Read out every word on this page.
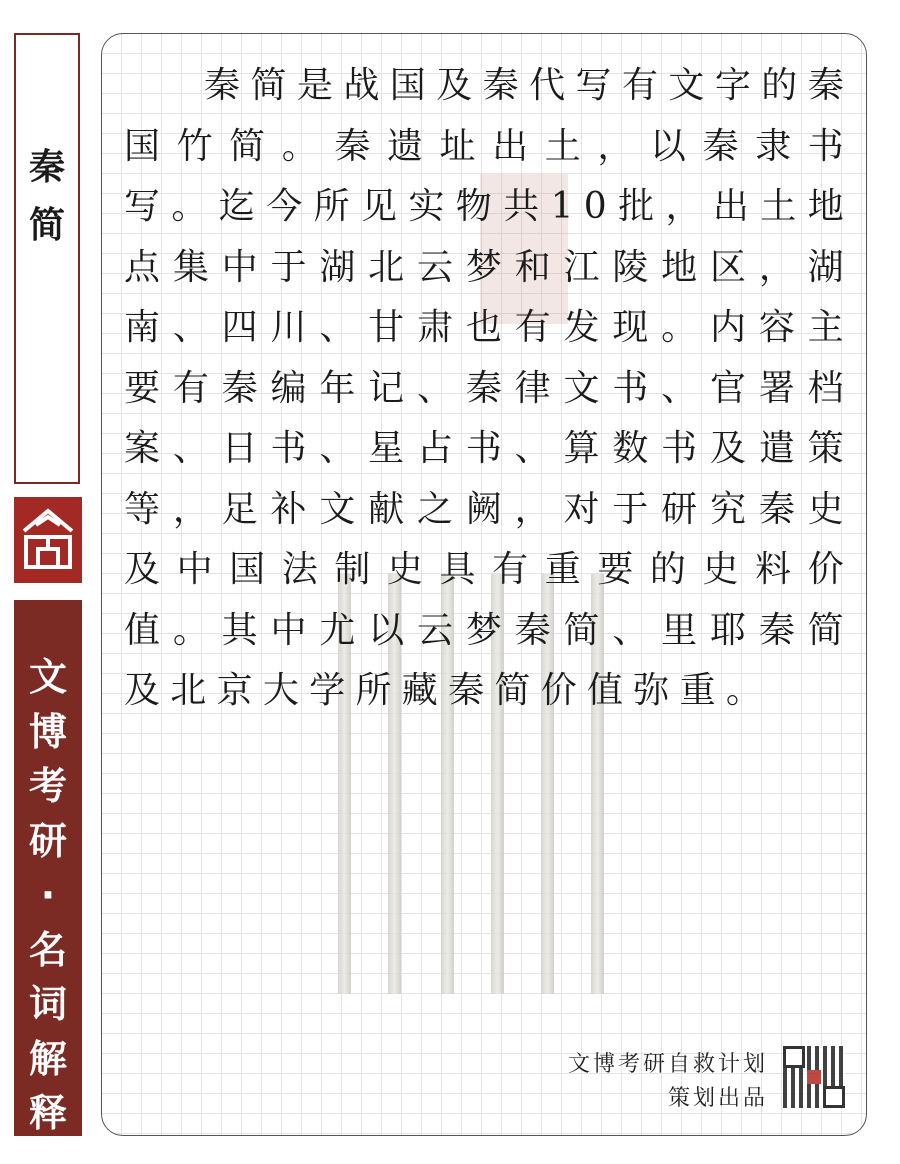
秦
简
文
博
考
研
·
名
词
解
释

秦简是战国及秦代写有文字的秦国竹简。秦遗址出土，以秦隶书写。迄今所见实物共10批，出土地点集中于湖北云梦和江陵地区，湖南、四川、甘肃也有发现。内容主要有秦编年记、秦律文书、官署档案、日书、星占书、算数书及遣策等，足补文献之阙，对于研究秦史及中国法制史具有重要的史料价值。其中尤以云梦秦简、里耶秦简及北京大学所藏秦简价值弥重。

文博考研自救计划
策划出品
